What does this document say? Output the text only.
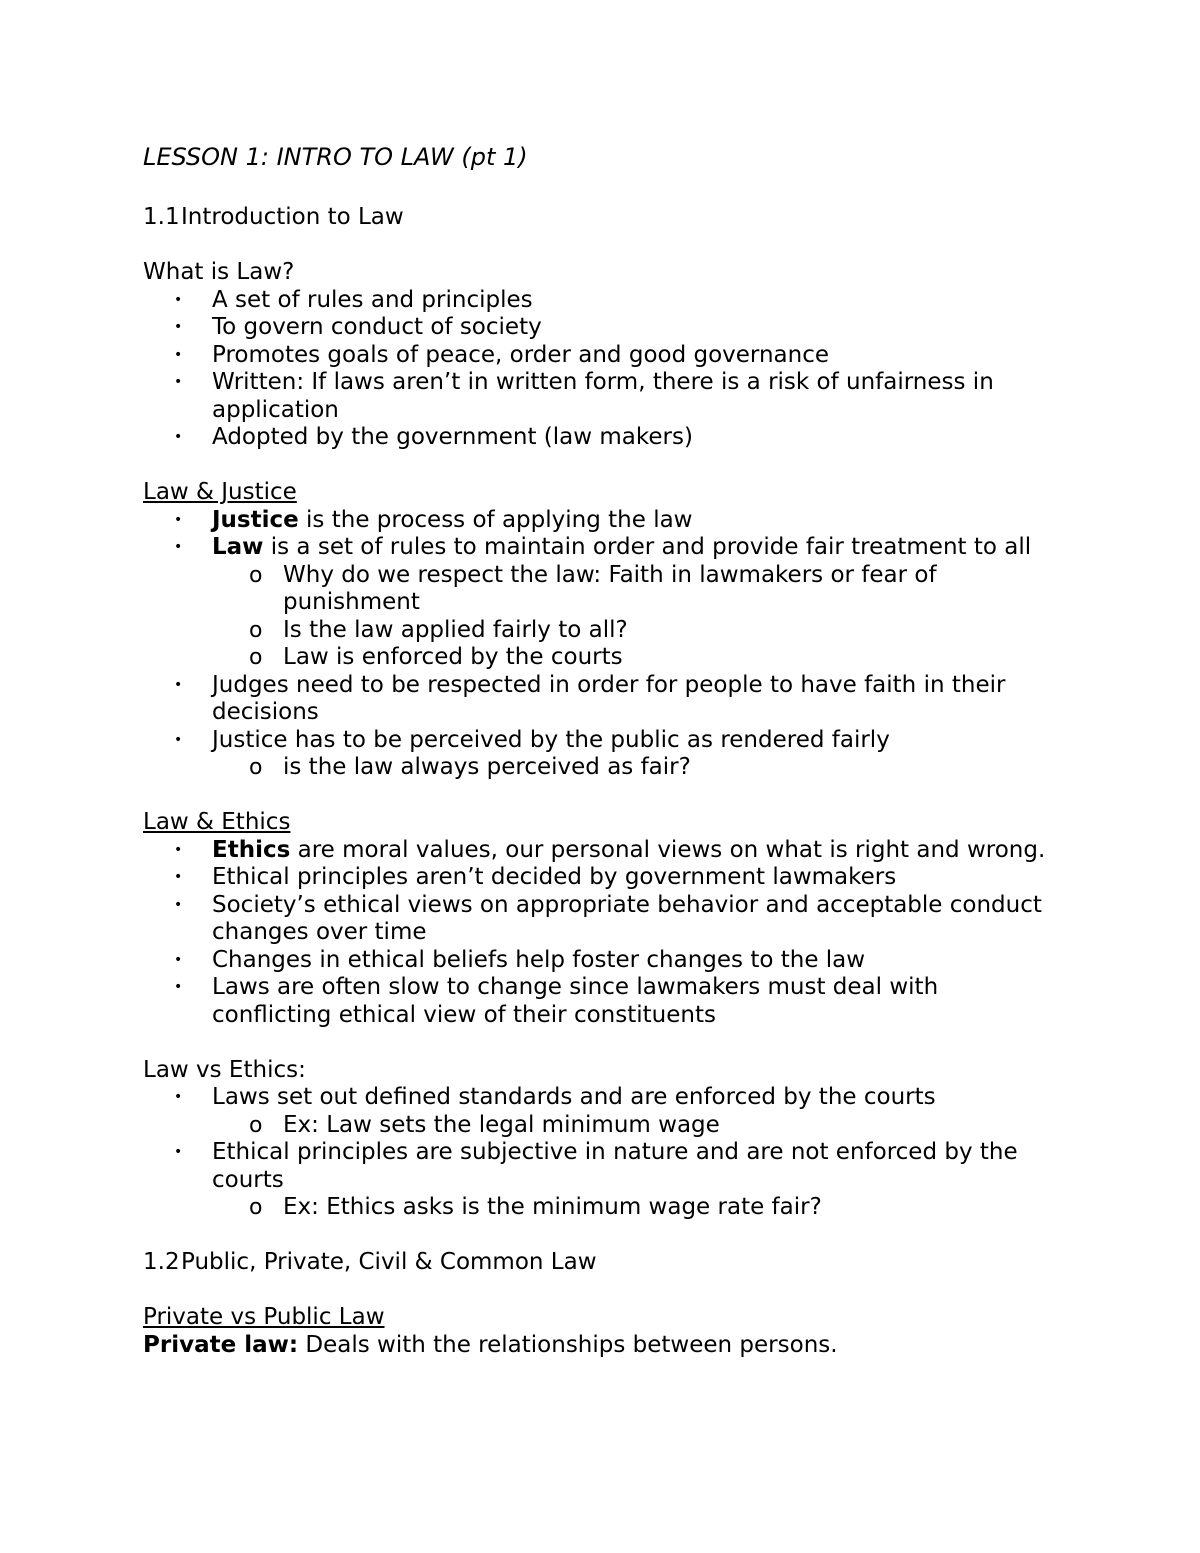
LESSON 1: INTRO TO LAW (pt 1)
1.1Introduction to Law

What is Law?

• A set of rules and principles
• To govern conduct of society
• Promotes goals of peace, order and good governance
• Written: If laws aren’t in written form, there is a risk of unfairness in application
• Adopted by the government (law makers)

Law & Justice

• Justice is the process of applying the law
• Law is a set of rules to maintain order and provide fair treatment to all
o Why do we respect the law: Faith in lawmakers or fear of punishment
o Is the law applied fairly to all?
o Law is enforced by the courts
• Judges need to be respected in order for people to have faith in their decisions
• Justice has to be perceived by the public as rendered fairly
o is the law always perceived as fair?

Law & Ethics

• Ethics are moral values, our personal views on what is right and wrong.
• Ethical principles aren’t decided by government lawmakers
• Society’s ethical views on appropriate behavior and acceptable conduct changes over time
• Changes in ethical beliefs help foster changes to the law
• Laws are often slow to change since lawmakers must deal with conflicting ethical view of their constituents

Law vs Ethics:

• Laws set out defined standards and are enforced by the courts
o Ex: Law sets the legal minimum wage
• Ethical principles are subjective in nature and are not enforced by the courts
o Ex: Ethics asks is the minimum wage rate fair?
1.2Public, Private, Civil & Common Law

Private vs Public Law

Private law: Deals with the relationships between persons.
